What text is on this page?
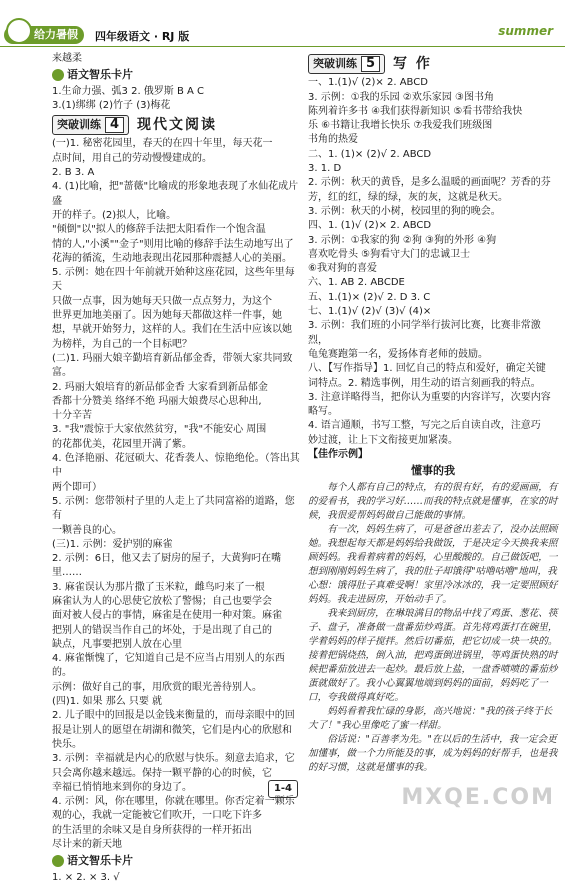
给力暑假	四年级语文 · RJ 版	summer

来越柔

语文智乐卡片

1.生命力强、弧3 2. 俄罗斯 B A C

3.(1)绑绑 (2)竹子 (3)梅花

突破训练 4	现代文阅读

(一)1. 秘密花园里，春天的在四十年里，每天花一

点时间，用自己的劳动慢慢建成的。

2. B 3. A

4. (1)比喻，把"蔷薇"比喻成的形象地表现了水仙花成片盛

开的样子。(2)拟人，比喻。

"倾倒"以"拟人的修辞手法把太阳看作一个饱含温

情的人,"小溪""金子"则用比喻的修辞手法生动地写出了

花海的循流，生动地表现出花园那种震撼人心的美丽。

5. 示例：她在四十年前就开始种这座花园，这些年里每天

只做一点事，因为她每天只做一点点努力，为这个

世界更加地美丽了。因为她每天都做这样一件事，她

想，早就开始努力，这样的人。我们在生活中应该以她

为榜样，为自己的一个目标吧？

(二)1. 玛丽大娘辛勤培育新品郁金香，带领大家共同致富。

2. 玛丽大娘培育的新品郁金香 大家看到新品郁金

香都十分赞美 络绎不绝 玛丽大娘费尽心思种出,

十分辛苦

3. "我"震惊于大家依然贫穷，"我"不能安心 周围

的花都优美，花园里开满了紫。

4. 色泽艳丽、花冠硕大、花香袭人、惊艳绝伦。（答出其中

两个即可）

5. 示例：您带领村子里的人走上了共同富裕的道路，您有

一颗善良的心。

(三)1. 示例：爱护别的麻雀

2. 示例：6日，他又去了厨房的屋子，大黄狗叼在嘴里……

3. 麻雀误认为那片撒了玉米粒，雌鸟叼来了一根

麻雀认为人的心思使它放松了警惕；自己也要学会

面对被人侵占的事情，麻雀是在使用一种对策。麻雀

把别人的错误当作自己的坏处，于是出现了自己的

缺点，凡事要把别人放在心里

4. 麻雀惭愧了，它知道自己是不应当占用别人的东西的。

示例：做好自己的事，用欣赏的眼光善待别人。

(四)1. 如果 那么 只要 就

2. 儿子眼中的回报是以金钱来衡量的，而母亲眼中的回

报是让别人的愿望在胡湖和微笑，它们是内心的欣慰和

快乐。

3. 示例：幸福就是内心的欣慰与快乐。刻意去追求，它

只会离你越来越远。保持一颗平静的心的时候，它

幸福已悄悄地来到你的身边了。

4. 示例：风，你在哪里，你就在哪里。你否定着一颗乐

观的心，我就一定能被它们吹开，一口吃下许多

的生活里的余味又是自身所获得的一样开拓出

尽计来的新天地

语文智乐卡片

1. × 2. × 3. √

突破训练 5	写 作

一、1.(1)√ (2)× 2. ABCD

3. 示例：①我的乐园 ②欢乐家园 ③图书角

陈列着许多书 ④我们获得新知识 ⑤看书带给我快

乐 ⑥书籍让我增长快乐 ⑦我爱我们班级图

书角的热爱

二、1. (1)× (2)√ 2. ABCD

3. 1. D

2. 示例：秋天的黄昏，是多么温暖的画面呢？芳香的芬

芳，红的红，绿的绿，灰的灰，这就是秋天。

3. 示例：秋天的小树，校园里的狗的晚会。

四、1. (1)√ (2)× 2. ABCD

3. 示例：①我家的狗 ②狗 ③狗的外形 ④狗

喜欢吃骨头 ⑤狗看守大门的忠诚卫士

⑥我对狗的喜爱

六、1. AB 2. ABCDE

五、1.(1)× (2)√ 2. D 3. C

七、1.(1)√ (2)√ (3)√ (4)×

3. 示例：我们班的小同学举行拔河比赛，比赛非常激烈，

龟兔赛跑第一名，爱扬体育老师的鼓励。

八、【写作指导】1. 回忆自己的特点和爱好，确定关键

词特点。2. 精选事例，用生动的语言刻画我的特点。

3. 注意详略得当，把你认为重要的内容详写，次要内容略写。

4. 语言通顺，书写工整，写完之后自读自改，注意巧

妙过渡，让上下文衔接更加紧凑。

【佳作示例】

懂事的我

每个人都有自己的特点，有的很有好，有的爱画画，有的爱看书，我的学习好……而我的特点就是懂事，在家的时候，我很爱帮妈妈做自己能做的事情。

有一次，妈妈生病了，可是爸爸出差去了，没办法照顾她。我想起每天都是妈妈给我做饭，于是决定今天换我来照顾妈妈。我看着病着的妈妈，心里酸酸的。自己做饭吧，一想到刚刚妈妈生病了，我的肚子却饿得"咕噜咕噜"地叫，我心想：饿得肚子真难受啊！家里冷冰冰的，我一定要照顾好妈妈。我走进厨房，开始动手了。

我来到厨房，在琳琅满目的物品中找了鸡蛋、葱花、筷子、盘子，准备做一盘番茄炒鸡蛋。首先将鸡蛋打在碗里，学着妈妈的样子搅拌。然后切番茄，把它切成一块一块的。接着把锅烧热，倒入油，把鸡蛋倒进锅里，等鸡蛋快熟的时候把番茄放进去一起炒。最后放上盐，一盘香喷喷的番茄炒蛋就做好了。我小心翼翼地端到妈妈的面前，妈妈吃了一口，夸我做得真好吃。

妈妈看着我忙碌的身影，高兴地说："我的孩子终于长大了！"我心里像吃了蜜一样甜。

俗话说："百善孝为先。"在以后的生活中，我一定会更加懂事，做一个力所能及的事，成为妈妈的好帮手，也是我的好习惯，这就是懂事的我。

1-4	MXQE.COM
